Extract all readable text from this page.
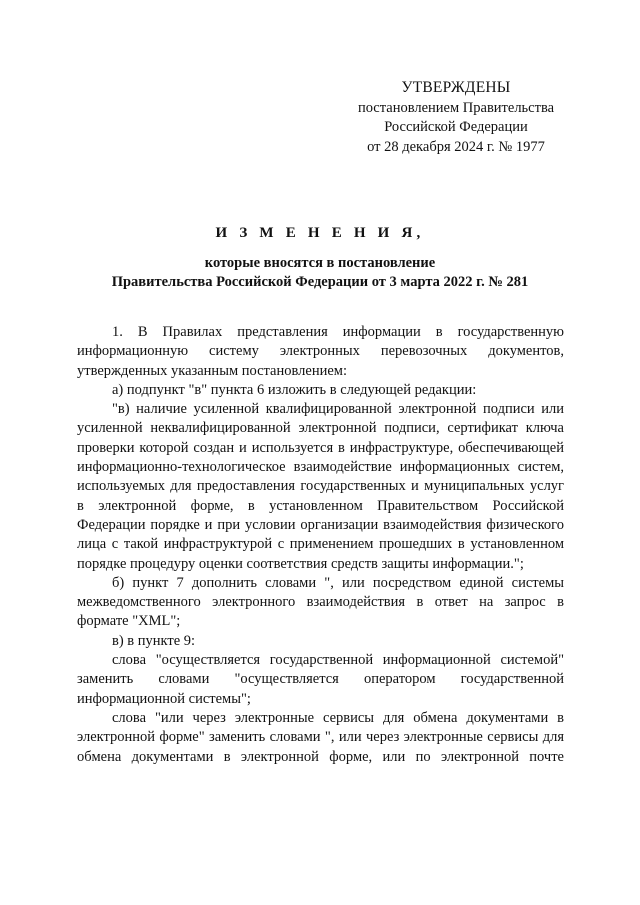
УТВЕРЖДЕНЫ
постановлением Правительства
Российской Федерации
от 28 декабря 2024 г. № 1977
И З М Е Н Е Н И Я,
которые вносятся в постановление
Правительства Российской Федерации от 3 марта 2022 г. № 281

1. В Правилах представления информации в государственную информационную систему электронных перевозочных документов, утвержденных указанным постановлением:

а) подпункт "в" пункта 6 изложить в следующей редакции:

"в) наличие усиленной квалифицированной электронной подписи или усиленной неквалифицированной электронной подписи, сертификат ключа проверки которой создан и используется в инфраструктуре, обеспечивающей информационно-технологическое взаимодействие информационных систем, используемых для предоставления государственных и муниципальных услуг в электронной форме, в установленном Правительством Российской Федерации порядке и при условии организации взаимодействия физического лица с такой инфраструктурой с применением прошедших в установленном порядке процедуру оценки соответствия средств защиты информации.";

б) пункт 7 дополнить словами ", или посредством единой системы межведомственного электронного взаимодействия в ответ на запрос в формате "XML";

в) в пункте 9:

слова "осуществляется государственной информационной системой" заменить словами "осуществляется оператором государственной информационной системы";

слова "или через электронные сервисы для обмена документами в электронной форме" заменить словами ", или через электронные сервисы для обмена документами в электронной форме, или по электронной почте
